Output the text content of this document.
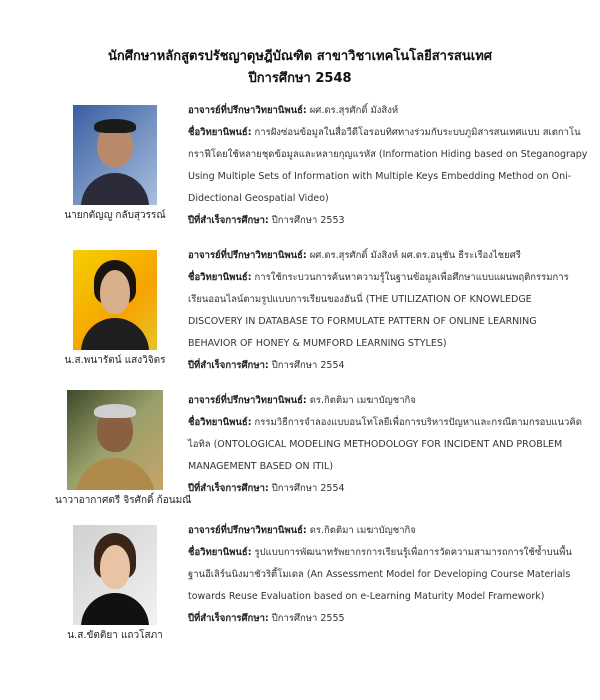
นักศึกษาหลักสูตรปรัชญาดุษฎีบัณฑิต สาขาวิชาเทคโนโลยีสารสนเทศ
ปีการศึกษา 2548
นายกตัญญู กลับสุวรรณ์
อาจารย์ที่ปรึกษาวิทยานิพนธ์: ผศ.ดร.สุรศักดิ์ มังสิงห์
ชื่อวิทยานิพนธ์: การฝังซ่อนข้อมูลในสื่อวีดีโอรอบทิศทางร่วมกับระบบภูมิสารสนเทศแบบ สเตกาโนกราฟีโดยใช้หลายชุดข้อมูลและหลายกุญแรหัส (Information Hiding based on Steganograpy Using Multiple Sets of Information with Multiple Keys Embedding Method on Oni-Didectional Geospatial Video)
ปีที่สำเร็จการศึกษา: ปีการศึกษา 2553
น.ส.พนารัตน์ แสงวิจิตร
อาจารย์ที่ปรึกษาวิทยานิพนธ์: ผศ.ดร.สุรศักดิ์ มังสิงห์ ผศ.ดร.อนุชัน ธีระเรืองไชยศรี
ชื่อวิทยานิพนธ์: การใช้กระบวนการค้นหาความรู้ในฐานข้อมูลเพื่อศึกษาแบบแผนพฤติกรรมการเรียนออนไลน์ตามรูปแบบการเรียนของฮันนี่ (THE UTILIZATION OF KNOWLEDGE DISCOVERY IN DATABASE TO FORMULATE PATTERN OF ONLINE LEARNING BEHAVIOR OF HONEY & MUMFORD LEARNING STYLES)
ปีที่สำเร็จการศึกษา: ปีการศึกษา 2554
นาวาอากาศตรี จิรศักดิ์ ก้อนมณี
อาจารย์ที่ปรึกษาวิทยานิพนธ์: ดร.กิตติมา เมฆาบัญชากิจ
ชื่อวิทยานิพนธ์: กรรมวิธีการจำลองแบบอนโทโลยีเพื่อการบริหารปัญหาและกรณีตามกรอบแนวคิดไอทิล (ONTOLOGICAL MODELING METHODOLOGY FOR INCIDENT AND PROBLEM MANAGEMENT BASED ON ITIL)
ปีที่สำเร็จการศึกษา: ปีการศึกษา 2554
น.ส.ขัตติยา แถวโสภา
อาจารย์ที่ปรึกษาวิทยานิพนธ์: ดร.กิตติมา เมฆาบัญชากิจ
ชื่อวิทยานิพนธ์: รูปแบบการพัฒนาทรัพยากรการเรียนรู้เพื่อการวัดความสามารถการใช้ซ้ำบนพื้นฐานอีเลิร์นนิงมาชัวริตี้โมเดล (An Assessment Model for Developing Course Materials towards Reuse Evaluation based on e-Learning Maturity Model Framework)
ปีที่สำเร็จการศึกษา: ปีการศึกษา 2555
